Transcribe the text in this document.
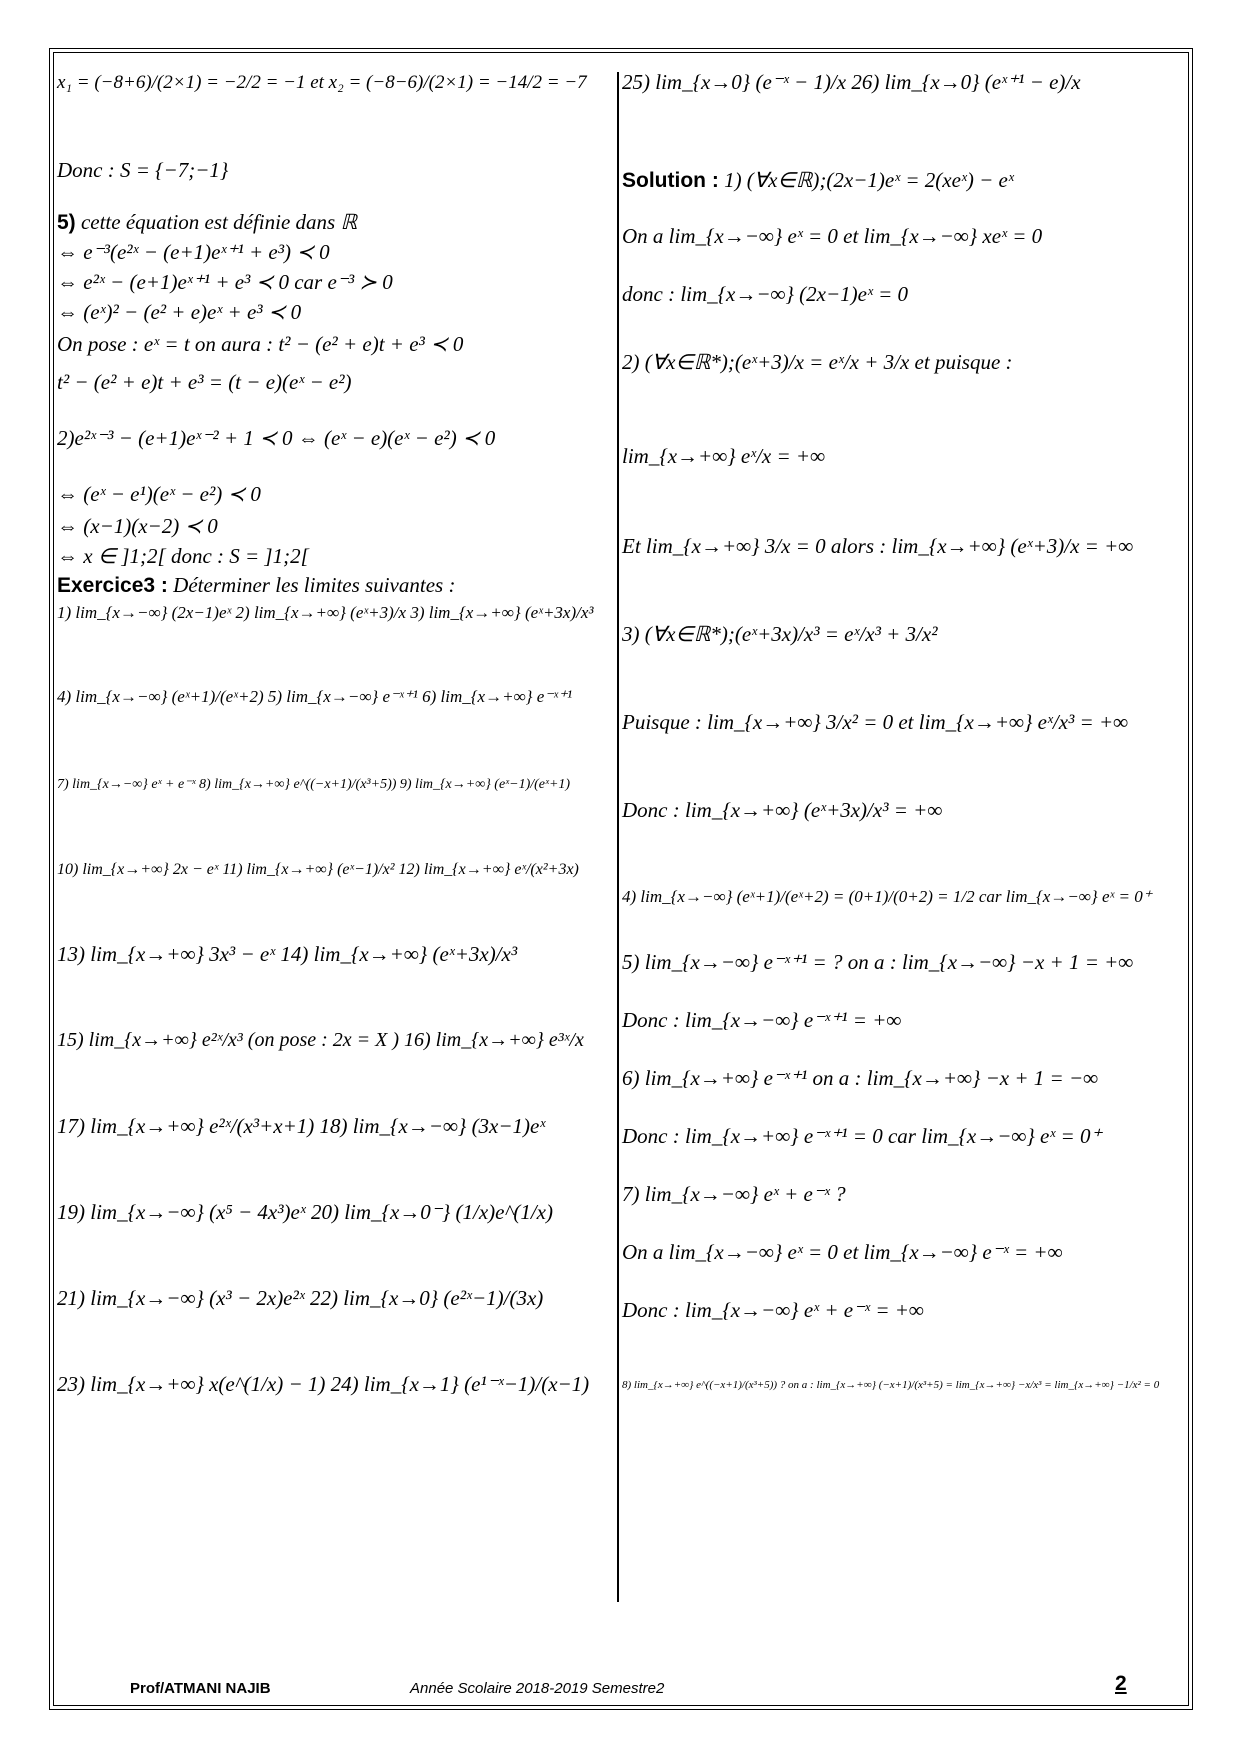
x₁ = (−8+6)/(2×1) = −2/2 = −1 et x₂ = (−8−6)/(2×1) = −14/2 = −7
Donc : S = {−7;−1}
5) cette équation est définie dans ℝ
⇔ e⁻³(e²ˣ − (e+1)eˣ⁺¹ + e³) ≺ 0
⇔ e²ˣ − (e+1)eˣ⁺¹ + e³ ≺ 0 car e⁻³ ≻ 0
⇔ (eˣ)² − (e² + e)eˣ + e³ ≺ 0
On pose : eˣ = t on aura : t² − (e² + e)t + e³ ≺ 0
t² − (e² + e)t + e³ = (t − e)(eˣ − e²)
2)e²ˣ⁻³ − (e+1)eˣ⁻² + 1 ≺ 0 ⇔ (eˣ − e)(eˣ − e²) ≺ 0
⇔ (eˣ − e¹)(eˣ − e²) ≺ 0
⇔ (x−1)(x−2) ≺ 0
⇔ x ∈ ]1;2[ donc : S = ]1;2[
Exercice3 : Déterminer les limites suivantes :
1) lim_{x→−∞} (2x−1)eˣ 2) lim_{x→+∞} (eˣ+3)/x 3) lim_{x→+∞} (eˣ+3x)/x³
4) lim_{x→−∞} (eˣ+1)/(eˣ+2) 5) lim_{x→−∞} e⁻ˣ⁺¹ 6) lim_{x→+∞} e⁻ˣ⁺¹
7) lim_{x→−∞} eˣ + e⁻ˣ 8) lim_{x→+∞} e^((−x+1)/(x³+5)) 9) lim_{x→+∞} (eˣ−1)/(eˣ+1)
10) lim_{x→+∞} 2x − eˣ 11) lim_{x→+∞} (eˣ−1)/x² 12) lim_{x→+∞} eˣ/(x²+3x)
13) lim_{x→+∞} 3x³ − eˣ 14) lim_{x→+∞} (eˣ+3x)/x³
15) lim_{x→+∞} e²ˣ/x³ (on pose : 2x = X ) 16) lim_{x→+∞} e³ˣ/x
17) lim_{x→+∞} e²ˣ/(x³+x+1) 18) lim_{x→−∞} (3x−1)eˣ
19) lim_{x→−∞} (x⁵ − 4x³)eˣ 20) lim_{x→0⁻} (1/x)e^(1/x)
21) lim_{x→−∞} (x³ − 2x)e²ˣ 22) lim_{x→0} (e²ˣ−1)/(3x)
23) lim_{x→+∞} x(e^(1/x) − 1) 24) lim_{x→1} (e¹⁻ˣ−1)/(x−1)
25) lim_{x→0} (e⁻ˣ − 1)/x 26) lim_{x→0} (eˣ⁺¹ − e)/x
Solution : 1) (∀x∈ℝ);(2x−1)eˣ = 2(xeˣ) − eˣ
On a lim_{x→−∞} eˣ = 0 et lim_{x→−∞} xeˣ = 0
donc : lim_{x→−∞} (2x−1)eˣ = 0
2) (∀x∈ℝ*);(eˣ+3)/x = eˣ/x + 3/x et puisque :
lim_{x→+∞} eˣ/x = +∞
Et lim_{x→+∞} 3/x = 0 alors : lim_{x→+∞} (eˣ+3)/x = +∞
3) (∀x∈ℝ*);(eˣ+3x)/x³ = eˣ/x³ + 3/x²
Puisque : lim_{x→+∞} 3/x² = 0 et lim_{x→+∞} eˣ/x³ = +∞
Donc : lim_{x→+∞} (eˣ+3x)/x³ = +∞
4) lim_{x→−∞} (eˣ+1)/(eˣ+2) = (0+1)/(0+2) = 1/2 car lim_{x→−∞} eˣ = 0⁺
5) lim_{x→−∞} e⁻ˣ⁺¹ = ? on a : lim_{x→−∞} −x + 1 = +∞
Donc : lim_{x→−∞} e⁻ˣ⁺¹ = +∞
6) lim_{x→+∞} e⁻ˣ⁺¹ on a : lim_{x→+∞} −x + 1 = −∞
Donc : lim_{x→+∞} e⁻ˣ⁺¹ = 0 car lim_{x→−∞} eˣ = 0⁺
7) lim_{x→−∞} eˣ + e⁻ˣ ?
On a lim_{x→−∞} eˣ = 0 et lim_{x→−∞} e⁻ˣ = +∞
Donc : lim_{x→−∞} eˣ + e⁻ˣ = +∞
8) lim_{x→+∞} e^((−x+1)/(x³+5)) ? on a : lim_{x→+∞} (−x+1)/(x³+5) = lim_{x→+∞} −x/x³ = lim_{x→+∞} −1/x² = 0
Prof/ATMANI NAJIB	Année Scolaire 2018-2019 Semestre2	2
